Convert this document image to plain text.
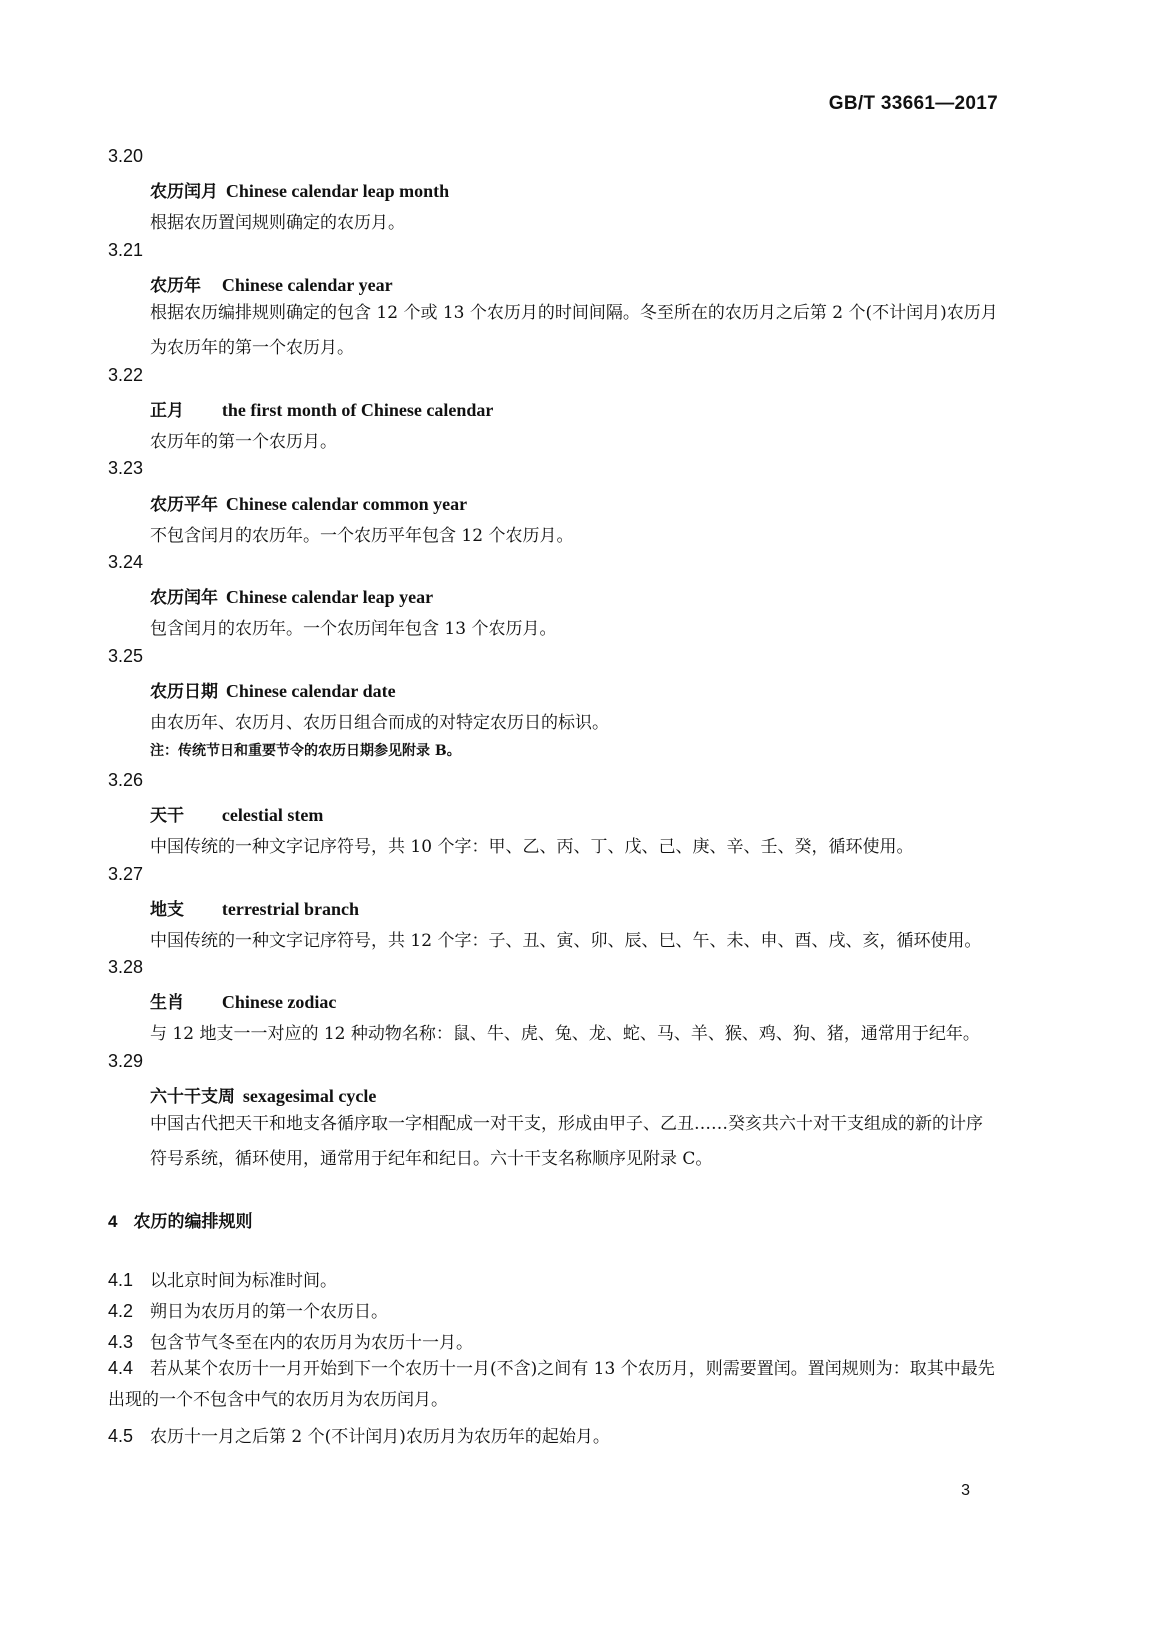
GB/T 33661—2017
3.20
农历闰月 Chinese calendar leap month
根据农历置闰规则确定的农历月。
3.21
农历年 Chinese calendar year
根据农历编排规则确定的包含 12 个或 13 个农历月的时间间隔。冬至所在的农历月之后第 2 个(不计闰月)农历月为农历年的第一个农历月。
3.22
正月 the first month of Chinese calendar
农历年的第一个农历月。
3.23
农历平年 Chinese calendar common year
不包含闰月的农历年。一个农历平年包含 12 个农历月。
3.24
农历闰年 Chinese calendar leap year
包含闰月的农历年。一个农历闰年包含 13 个农历月。
3.25
农历日期 Chinese calendar date
由农历年、农历月、农历日组合而成的对特定农历日的标识。
注：传统节日和重要节令的农历日期参见附录 B。
3.26
天干 celestial stem
中国传统的一种文字记序符号，共 10 个字：甲、乙、丙、丁、戊、己、庚、辛、壬、癸，循环使用。
3.27
地支 terrestrial branch
中国传统的一种文字记序符号，共 12 个字：子、丑、寅、卯、辰、巳、午、未、申、酉、戌、亥，循环使用。
3.28
生肖 Chinese zodiac
与 12 地支一一对应的 12 种动物名称：鼠、牛、虎、兔、龙、蛇、马、羊、猴、鸡、狗、猪，通常用于纪年。
3.29
六十干支周 sexagesimal cycle
中国古代把天干和地支各循序取一字相配成一对干支，形成由甲子、乙丑……癸亥共六十对干支组成的新的计序符号系统，循环使用，通常用于纪年和纪日。六十干支名称顺序见附录 C。
4 农历的编排规则
4.1 以北京时间为标准时间。
4.2 朔日为农历月的第一个农历日。
4.3 包含节气冬至在内的农历月为农历十一月。
4.4 若从某个农历十一月开始到下一个农历十一月(不含)之间有 13 个农历月，则需要置闰。置闰规则为：取其中最先出现的一个不包含中气的农历月为农历闰月。
4.5 农历十一月之后第 2 个(不计闰月)农历月为农历年的起始月。
3
